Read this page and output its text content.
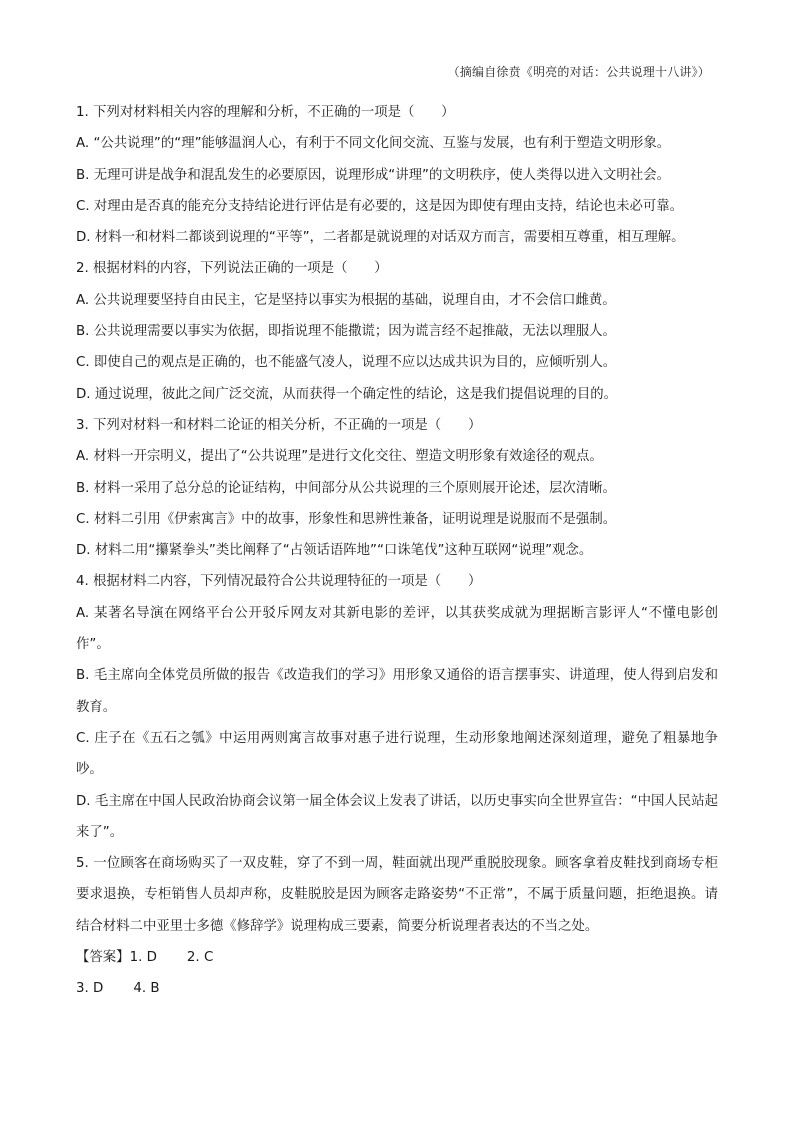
（摘编自徐贲《明亮的对话：公共说理十八讲》）

1. 下列对材料相关内容的理解和分析，不正确的一项是（　　）

A. “公共说理”的“理”能够温润人心，有利于不同文化间交流、互鉴与发展，也有利于塑造文明形象。

B. 无理可讲是战争和混乱发生的必要原因，说理形成“讲理”的文明秩序，使人类得以进入文明社会。

C. 对理由是否真的能充分支持结论进行评估是有必要的，这是因为即使有理由支持，结论也未必可靠。

D. 材料一和材料二都谈到说理的“平等”，二者都是就说理的对话双方而言，需要相互尊重，相互理解。

2. 根据材料的内容，下列说法正确的一项是（　　）

A. 公共说理要坚持自由民主，它是坚持以事实为根据的基础，说理自由，才不会信口雌黄。

B. 公共说理需要以事实为依据，即指说理不能撒谎；因为谎言经不起推敲，无法以理服人。

C. 即使自己的观点是正确的，也不能盛气凌人，说理不应以达成共识为目的，应倾听别人。

D. 通过说理，彼此之间广泛交流，从而获得一个确定性的结论，这是我们提倡说理的目的。

3. 下列对材料一和材料二论证的相关分析，不正确的一项是（　　）

A. 材料一开宗明义，提出了“公共说理”是进行文化交往、塑造文明形象有效途径的观点。

B. 材料一采用了总分总的论证结构，中间部分从公共说理的三个原则展开论述，层次清晰。

C. 材料二引用《伊索寓言》中的故事，形象性和思辨性兼备，证明说理是说服而不是强制。

D. 材料二用“攥紧拳头”类比阐释了“占领话语阵地”“口诛笔伐”这种互联网“说理”观念。

4. 根据材料二内容，下列情况最符合公共说理特征的一项是（　　）

A. 某著名导演在网络平台公开驳斥网友对其新电影的差评，以其获奖成就为理据断言影评人“不懂电影创作”。

B. 毛主席向全体党员所做的报告《改造我们的学习》用形象又通俗的语言摆事实、讲道理，使人得到启发和教育。

C. 庄子在《五石之瓠》中运用两则寓言故事对惠子进行说理，生动形象地阐述深刻道理，避免了粗暴地争吵。

D. 毛主席在中国人民政治协商会议第一届全体会议上发表了讲话，以历史事实向全世界宣告：“中国人民站起来了”。

5. 一位顾客在商场购买了一双皮鞋，穿了不到一周，鞋面就出现严重脱胶现象。顾客拿着皮鞋找到商场专柜要求退换，专柜销售人员却声称，皮鞋脱胶是因为顾客走路姿势“不正常”，不属于质量问题，拒绝退换。请结合材料二中亚里士多德《修辞学》说理构成三要素，简要分析说理者表达的不当之处。

【答案】1. D 2. C

3. D 4. B
